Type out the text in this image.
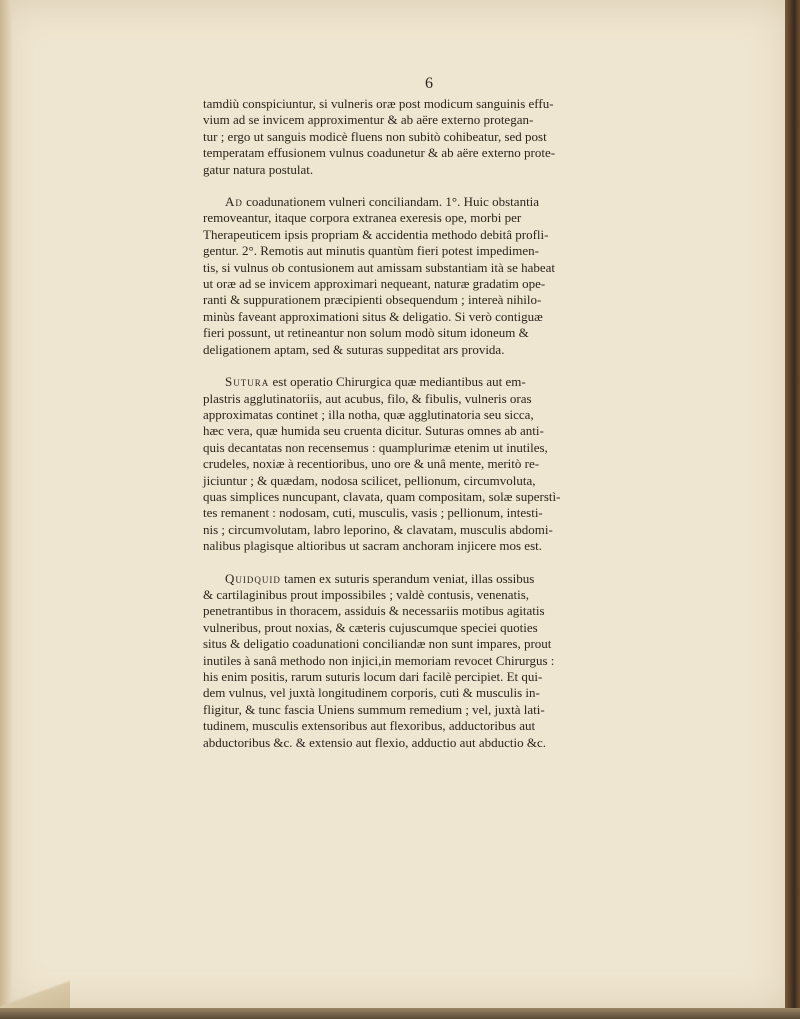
6

tamdiù conspiciuntur, si vulneris oræ post modicum sanguinis effu-

vium ad se invicem approximentur & ab aëre externo protegan-

tur ; ergo ut sanguis modicè fluens non subitò cohibeatur, sed post

temperatam effusionem vulnus coadunetur & ab aëre externo prote-

gatur natura postulat.

Ad coadunationem vulneri conciliandam. 1°. Huic obstantia

removeantur, itaque corpora extranea exeresis ope, morbi per

Therapeuticem ipsis propriam & accidentia methodo debitâ profli-

gentur. 2°. Remotis aut minutis quantùm fieri potest impedimen-

tis, si vulnus ob contusionem aut amissam substantiam ità se habeat

ut oræ ad se invicem approximari nequeant, naturæ gradatim ope-

ranti & suppurationem præcipienti obsequendum ; intereà nihilo-

minùs faveant approximationi situs & deligatio. Si verò contiguæ

fieri possunt, ut retineantur non solum modò situm idoneum &

deligationem aptam, sed & suturas suppeditat ars provida.

Sutura est operatio Chirurgica quæ mediantibus aut em-

plastris agglutinatoriis, aut acubus, filo, & fibulis, vulneris oras

approximatas continet ; illa notha, quæ agglutinatoria seu sicca,

hæc vera, quæ humida seu cruenta dicitur. Suturas omnes ab anti-

quis decantatas non recensemus : quamplurimæ etenim ut inutiles,

crudeles, noxiæ à recentioribus, uno ore & unâ mente, meritò re-

jiciuntur ; & quædam, nodosa scilicet, pellionum, circumvoluta,

quas simplices nuncupant, clavata, quam compositam, solæ superstì-

tes remanent : nodosam, cuti, musculis, vasis ; pellionum, intesti-

nis ; circumvolutam, labro leporino, & clavatam, musculis abdomi-

nalibus plagisque altioribus ut sacram anchoram injicere mos est.

Quidquid tamen ex suturis sperandum veniat, illas ossibus

& cartilaginibus prout impossibiles ; valdè contusis, venenatis,

penetrantibus in thoracem, assiduis & necessariis motibus agitatis

vulneribus, prout noxias, & cæteris cujuscumque speciei quoties

situs & deligatio coadunationi conciliandæ non sunt impares, prout

inutiles à sanâ methodo non injici,in memoriam revocet Chirurgus :

his enim positis, rarum suturis locum dari facilè percipiet. Et qui-

dem vulnus, vel juxtà longitudinem corporis, cuti & musculis in-

fligitur, & tunc fascia Uniens summum remedium ; vel, juxtà lati-

tudinem, musculis extensoribus aut flexoribus, adductoribus aut

abductoribus &c. & extensio aut flexio, adductio aut abductio &c.
